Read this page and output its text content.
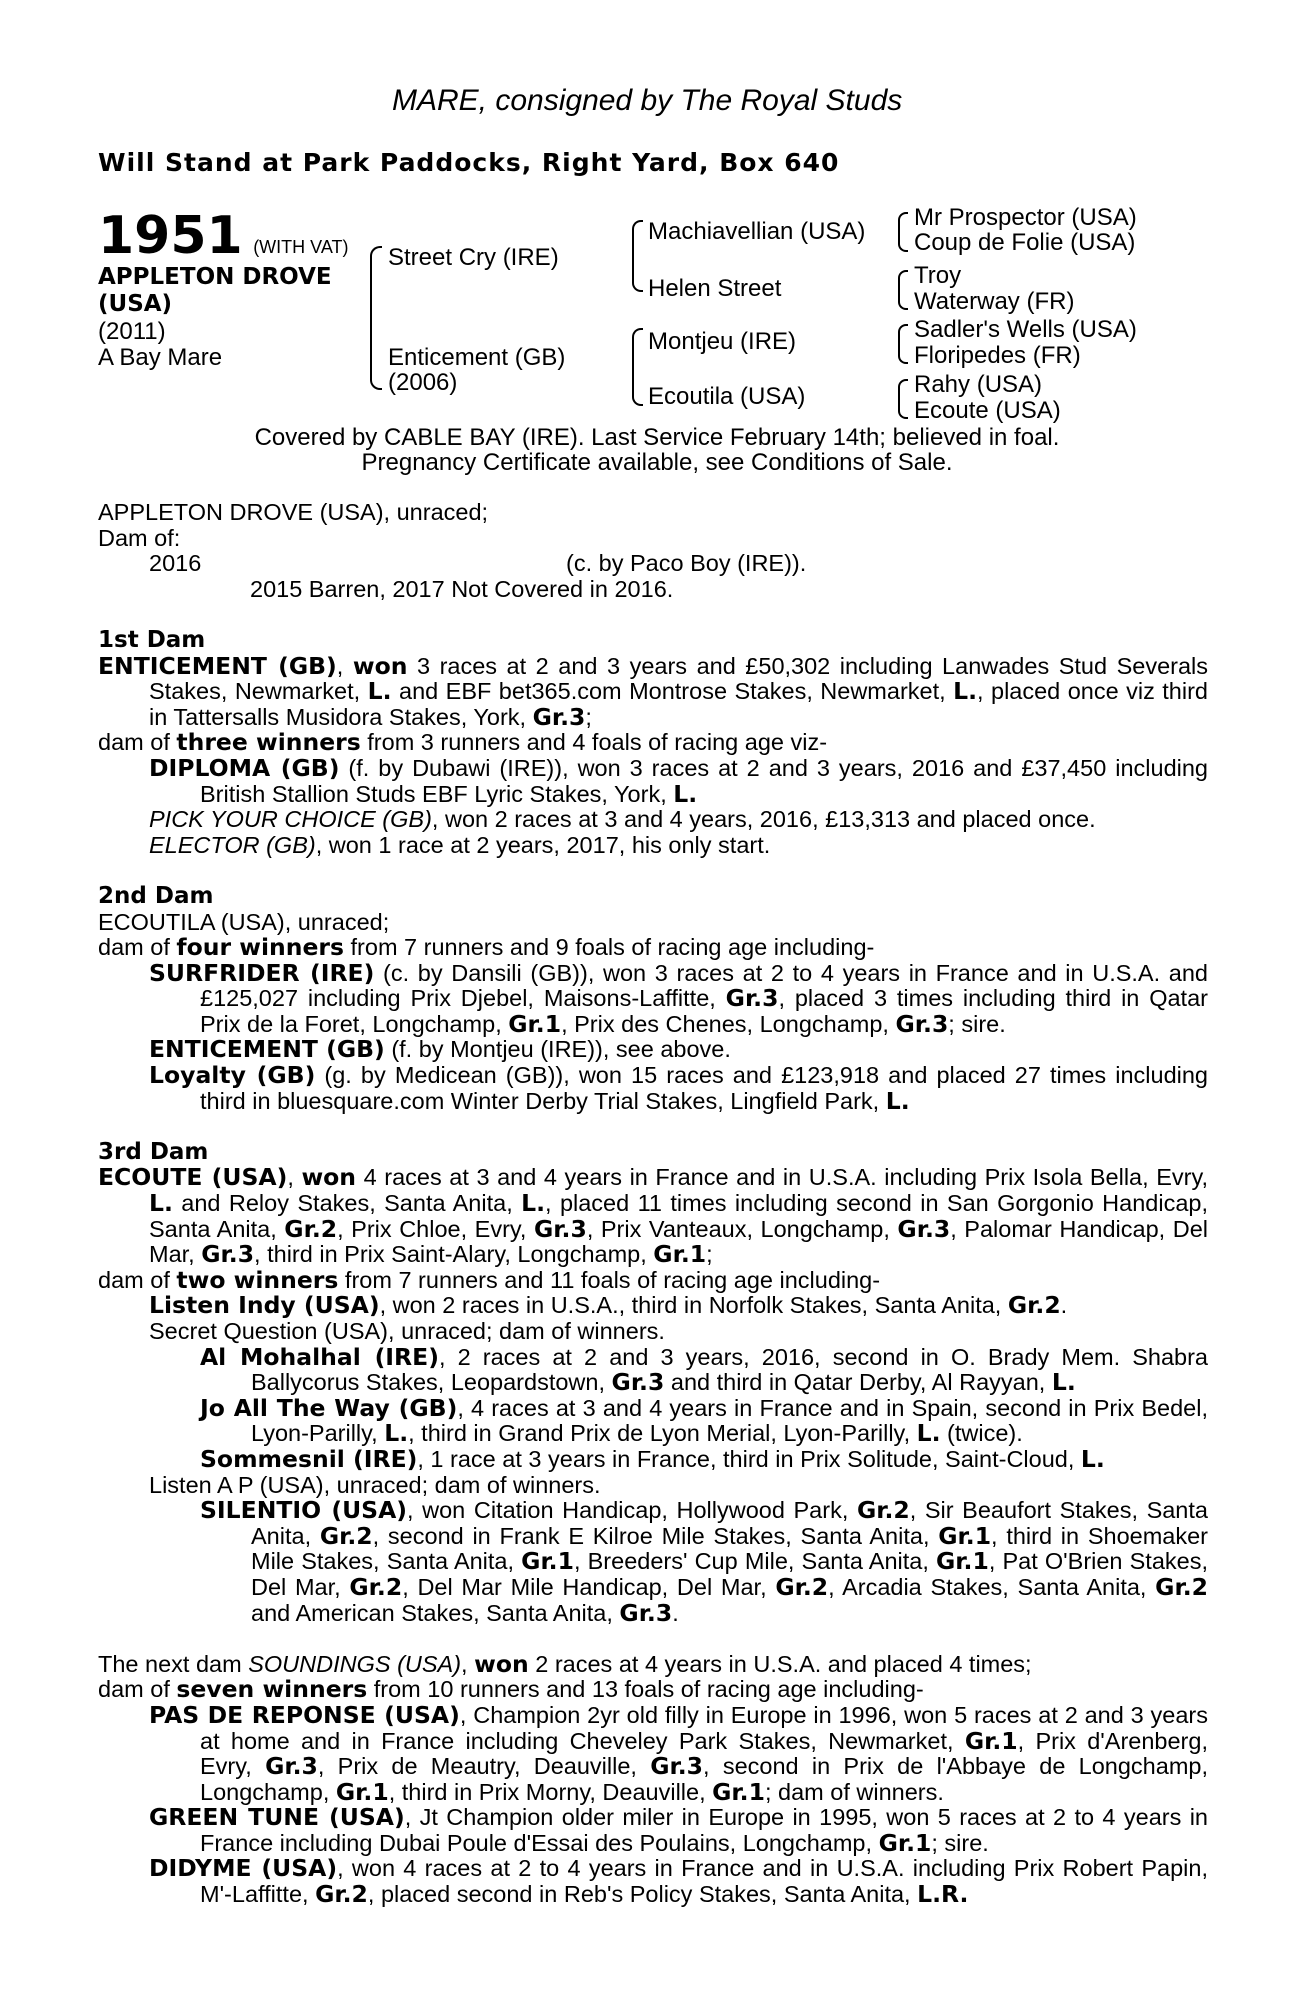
MARE, consigned by The Royal Studs
Will Stand at Park Paddocks, Right Yard, Box 640
1951 (WITH VAT)
APPLETON DROVE
(USA)
(2011)
A Bay Mare
Street Cry (IRE)
Enticement (GB)
(2006)
Machiavellian (USA)
Helen Street
Montjeu (IRE)
Ecoutila (USA)
Mr Prospector (USA)
Coup de Folie (USA)
Troy
Waterway (FR)
Sadler's Wells (USA)
Floripedes (FR)
Rahy (USA)
Ecoute (USA)
Covered by CABLE BAY (IRE). Last Service February 14th; believed in foal.
Pregnancy Certificate available, see Conditions of Sale.

APPLETON DROVE (USA), unraced;

Dam of:

2016	(c. by Paco Boy (IRE)).

2015 Barren, 2017 Not Covered in 2016.

1st Dam

ENTICEMENT (GB), won 3 races at 2 and 3 years and £50,302 including Lanwades Stud Severals Stakes, Newmarket, L. and EBF bet365.com Montrose Stakes, Newmarket, L., placed once viz third in Tattersalls Musidora Stakes, York, Gr.3;

dam of three winners from 3 runners and 4 foals of racing age viz-

DIPLOMA (GB) (f. by Dubawi (IRE)), won 3 races at 2 and 3 years, 2016 and £37,450 including British Stallion Studs EBF Lyric Stakes, York, L.

PICK YOUR CHOICE (GB), won 2 races at 3 and 4 years, 2016, £13,313 and placed once.

ELECTOR (GB), won 1 race at 2 years, 2017, his only start.

2nd Dam

ECOUTILA (USA), unraced;

dam of four winners from 7 runners and 9 foals of racing age including-

SURFRIDER (IRE) (c. by Dansili (GB)), won 3 races at 2 to 4 years in France and in U.S.A. and £125,027 including Prix Djebel, Maisons-Laffitte, Gr.3, placed 3 times including third in Qatar Prix de la Foret, Longchamp, Gr.1, Prix des Chenes, Longchamp, Gr.3; sire.

ENTICEMENT (GB) (f. by Montjeu (IRE)), see above.

Loyalty (GB) (g. by Medicean (GB)), won 15 races and £123,918 and placed 27 times including third in bluesquare.com Winter Derby Trial Stakes, Lingfield Park, L.

3rd Dam

ECOUTE (USA), won 4 races at 3 and 4 years in France and in U.S.A. including Prix Isola Bella, Evry, L. and Reloy Stakes, Santa Anita, L., placed 11 times including second in San Gorgonio Handicap, Santa Anita, Gr.2, Prix Chloe, Evry, Gr.3, Prix Vanteaux, Longchamp, Gr.3, Palomar Handicap, Del Mar, Gr.3, third in Prix Saint-Alary, Longchamp, Gr.1;

dam of two winners from 7 runners and 11 foals of racing age including-

Listen Indy (USA), won 2 races in U.S.A., third in Norfolk Stakes, Santa Anita, Gr.2.

Secret Question (USA), unraced; dam of winners.

Al Mohalhal (IRE), 2 races at 2 and 3 years, 2016, second in O. Brady Mem. Shabra Ballycorus Stakes, Leopardstown, Gr.3 and third in Qatar Derby, Al Rayyan, L.

Jo All The Way (GB), 4 races at 3 and 4 years in France and in Spain, second in Prix Bedel, Lyon-Parilly, L., third in Grand Prix de Lyon Merial, Lyon-Parilly, L. (twice).

Sommesnil (IRE), 1 race at 3 years in France, third in Prix Solitude, Saint-Cloud, L.

Listen A P (USA), unraced; dam of winners.

SILENTIO (USA), won Citation Handicap, Hollywood Park, Gr.2, Sir Beaufort Stakes, Santa Anita, Gr.2, second in Frank E Kilroe Mile Stakes, Santa Anita, Gr.1, third in Shoemaker Mile Stakes, Santa Anita, Gr.1, Breeders' Cup Mile, Santa Anita, Gr.1, Pat O'Brien Stakes, Del Mar, Gr.2, Del Mar Mile Handicap, Del Mar, Gr.2, Arcadia Stakes, Santa Anita, Gr.2 and American Stakes, Santa Anita, Gr.3.

The next dam SOUNDINGS (USA), won 2 races at 4 years in U.S.A. and placed 4 times;

dam of seven winners from 10 runners and 13 foals of racing age including-

PAS DE REPONSE (USA), Champion 2yr old filly in Europe in 1996, won 5 races at 2 and 3 years at home and in France including Cheveley Park Stakes, Newmarket, Gr.1, Prix d'Arenberg, Evry, Gr.3, Prix de Meautry, Deauville, Gr.3, second in Prix de l'Abbaye de Longchamp, Longchamp, Gr.1, third in Prix Morny, Deauville, Gr.1; dam of winners.

GREEN TUNE (USA), Jt Champion older miler in Europe in 1995, won 5 races at 2 to 4 years in France including Dubai Poule d'Essai des Poulains, Longchamp, Gr.1; sire.

DIDYME (USA), won 4 races at 2 to 4 years in France and in U.S.A. including Prix Robert Papin, M'-Laffitte, Gr.2, placed second in Reb's Policy Stakes, Santa Anita, L.R.
